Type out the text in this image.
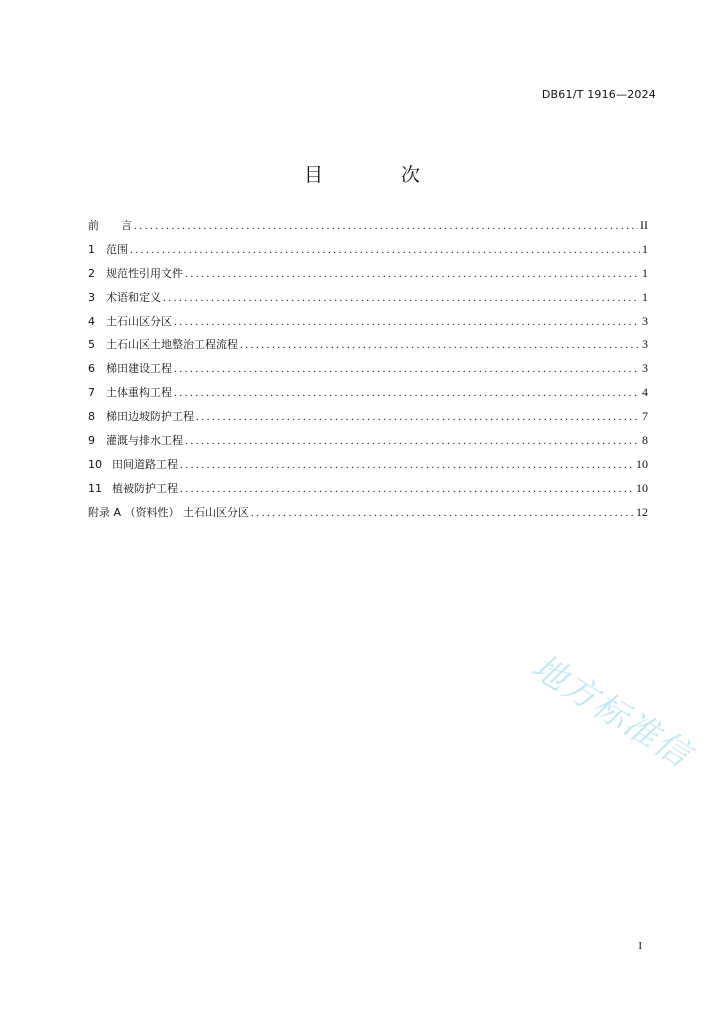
DB61/T 1916—2024
目 次
前　　言 .....	II
1 范围 .....	1
2 规范性引用文件 .....	1
3 术语和定义 .....	1
4 土石山区分区 .....	3
5 土石山区土地整治工程流程 .....	3
6 梯田建设工程 .....	3
7 土体重构工程 .....	4
8 梯田边坡防护工程 .....	7
9 灌溉与排水工程 .....	8
10 田间道路工程 .....	10
11 植被防护工程 .....	10
附录 A （资料性） 土石山区分区 .....	12
地方标准信
I
